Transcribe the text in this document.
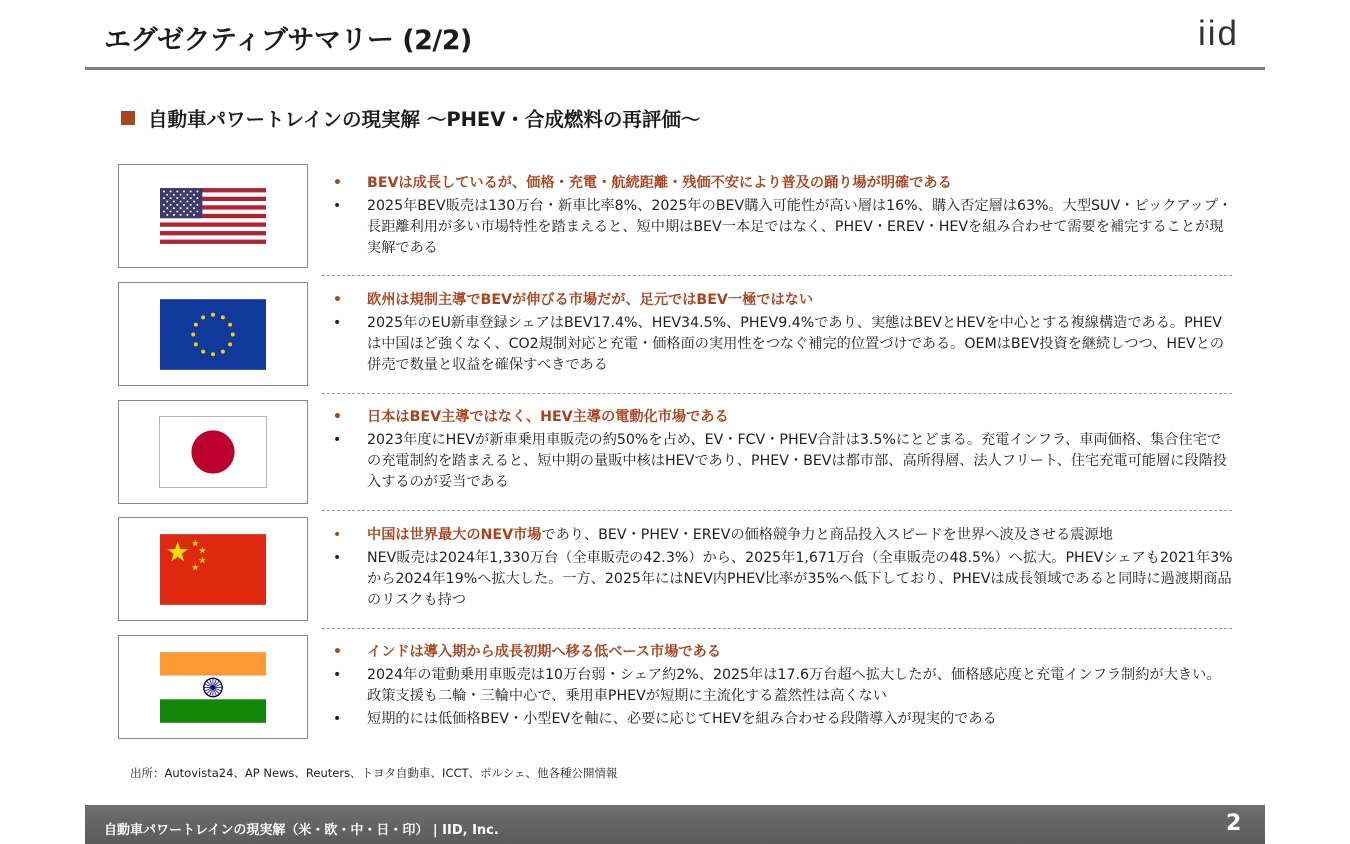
エグゼクティブサマリー (2/2)	iid
自動車パワートレインの現実解 ～PHEV・合成燃料の再評価～
•	BEVは成長しているが、価格・充電・航続距離・残価不安により普及の踊り場が明確である
•	2025年BEV販売は130万台・新車比率8%、2025年のBEV購入可能性が高い層は16%、購入否定層は63%。大型SUV・ピックアップ・長距離利用が多い市場特性を踏まえると、短中期はBEV一本足ではなく、PHEV・EREV・HEVを組み合わせて需要を補完することが現実解である
•	欧州は規制主導でBEVが伸びる市場だが、足元ではBEV一極ではない
•	2025年のEU新車登録シェアはBEV17.4%、HEV34.5%、PHEV9.4%であり、実態はBEVとHEVを中心とする複線構造である。PHEVは中国ほど強くなく、CO2規制対応と充電・価格面の実用性をつなぐ補完的位置づけである。OEMはBEV投資を継続しつつ、HEVとの併売で数量と収益を確保すべきである
•	日本はBEV主導ではなく、HEV主導の電動化市場である
•	2023年度にHEVが新車乗用車販売の約50%を占め、EV・FCV・PHEV合計は3.5%にとどまる。充電インフラ、車両価格、集合住宅での充電制約を踏まえると、短中期の量販中核はHEVであり、PHEV・BEVは都市部、高所得層、法人フリート、住宅充電可能層に段階投入するのが妥当である
•	中国は世界最大のNEV市場であり、BEV・PHEV・EREVの価格競争力と商品投入スピードを世界へ波及させる震源地
•	NEV販売は2024年1,330万台（全車販売の42.3%）から、2025年1,671万台（全車販売の48.5%）へ拡大。PHEVシェアも2021年3%から2024年19%へ拡大した。一方、2025年にはNEV内PHEV比率が35%へ低下しており、PHEVは成長領域であると同時に過渡期商品のリスクも持つ
•	インドは導入期から成長初期へ移る低ベース市場である
•	2024年の電動乗用車販売は10万台弱・シェア約2%、2025年は17.6万台超へ拡大したが、価格感応度と充電インフラ制約が大きい。政策支援も二輪・三輪中心で、乗用車PHEVが短期に主流化する蓋然性は高くない
•	短期的には低価格BEV・小型EVを軸に、必要に応じてHEVを組み合わせる段階導入が現実的である
出所：Autovista24、AP News、Reuters、トヨタ自動車、ICCT、ポルシェ、他各種公開情報
自動車パワートレインの現実解（米・欧・中・日・印） | IID, Inc.	2
